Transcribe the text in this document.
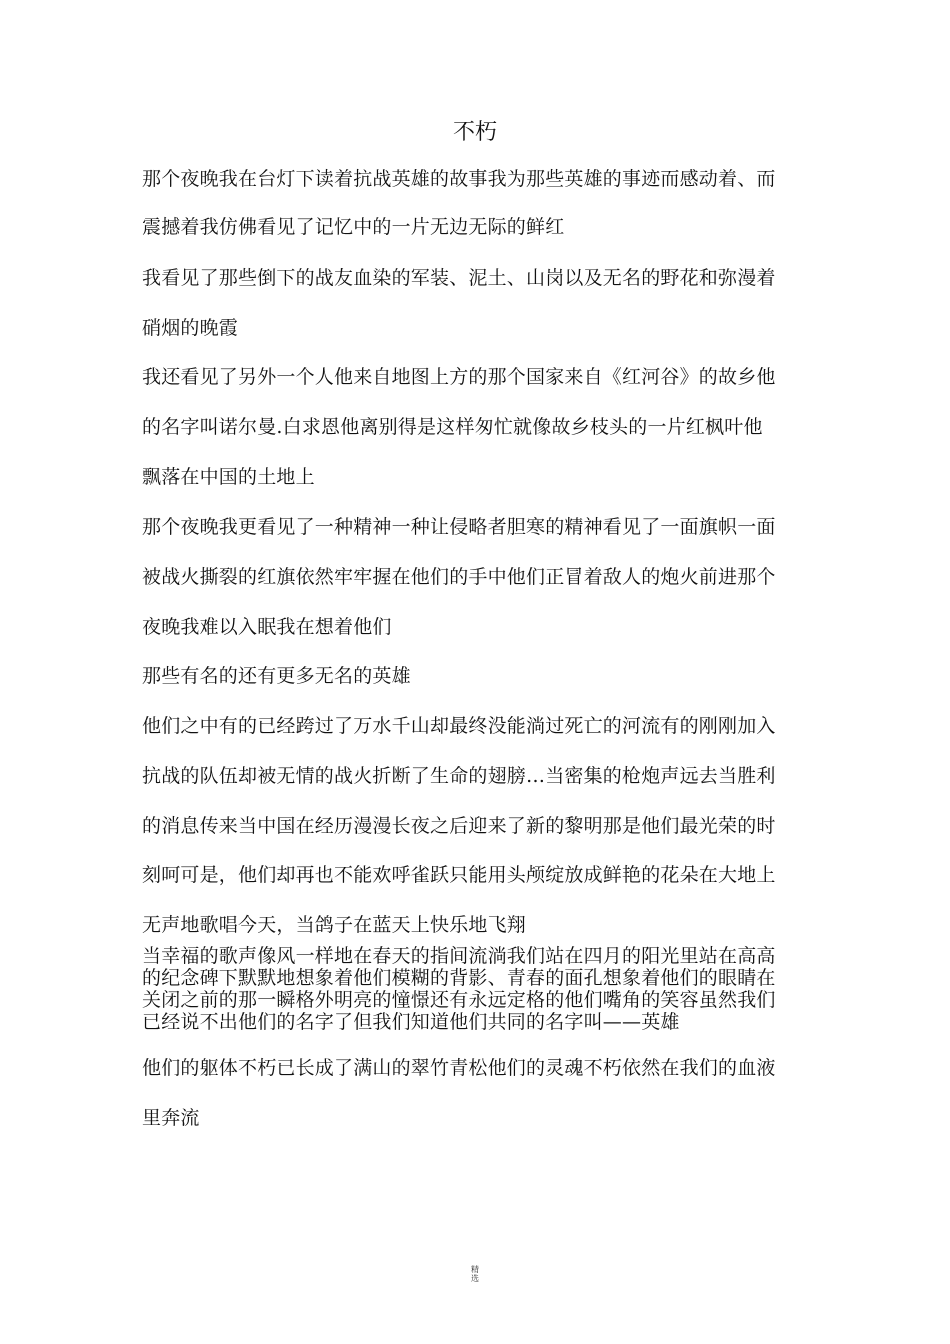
不朽
那个夜晚我在台灯下读着抗战英雄的故事我为那些英雄的事迹而感动着、而
震撼着我仿佛看见了记忆中的一片无边无际的鲜红
我看见了那些倒下的战友血染的军装、泥土、山岗以及无名的野花和弥漫着
硝烟的晚霞
我还看见了另外一个人他来自地图上方的那个国家来自《红河谷》的故乡他
的名字叫诺尔曼.白求恩他离别得是这样匆忙就像故乡枝头的一片红枫叶他
飘落在中国的土地上
那个夜晚我更看见了一种精神一种让侵略者胆寒的精神看见了一面旗帜一面
被战火撕裂的红旗依然牢牢握在他们的手中他们正冒着敌人的炮火前进那个
夜晚我难以入眠我在想着他们
那些有名的还有更多无名的英雄
他们之中有的已经跨过了万水千山却最终没能淌过死亡的河流有的刚刚加入
抗战的队伍却被无情的战火折断了生命的翅膀…当密集的枪炮声远去当胜利
的消息传来当中国在经历漫漫长夜之后迎来了新的黎明那是他们最光荣的时
刻呵可是，他们却再也不能欢呼雀跃只能用头颅绽放成鲜艳的花朵在大地上
无声地歌唱今天，当鸽子在蓝天上快乐地飞翔
当幸福的歌声像风一样地在春天的指间流淌我们站在四月的阳光里站在高高
的纪念碑下默默地想象着他们模糊的背影、青春的面孔想象着他们的眼睛在
关闭之前的那一瞬格外明亮的憧憬还有永远定格的他们嘴角的笑容虽然我们
已经说不出他们的名字了但我们知道他们共同的名字叫——英雄
他们的躯体不朽已长成了满山的翠竹青松他们的灵魂不朽依然在我们的血液
里奔流
精
选
